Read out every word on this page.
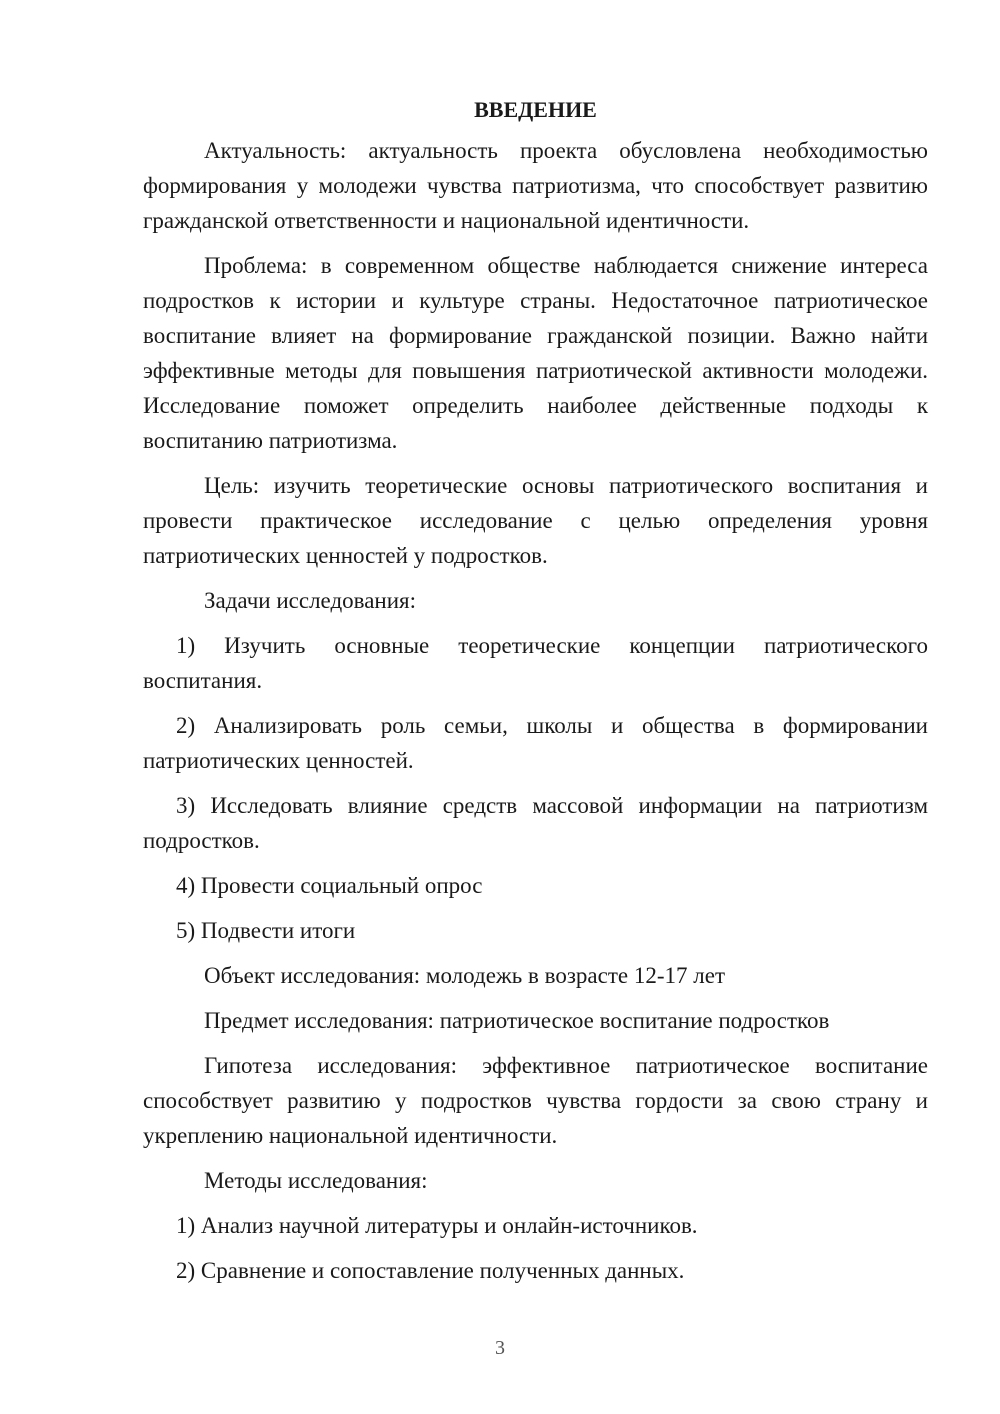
ВВЕДЕНИЕ

Актуальность: актуальность проекта обусловлена необходимостью формирования у молодежи чувства патриотизма, что способствует развитию гражданской ответственности и национальной идентичности.

Проблема: в современном обществе наблюдается снижение интереса подростков к истории и культуре страны. Недостаточное патриотическое воспитание влияет на формирование гражданской позиции. Важно найти эффективные методы для повышения патриотической активности молодежи. Исследование поможет определить наиболее действенные подходы к воспитанию патриотизма.

Цель: изучить теоретические основы патриотического воспитания и провести практическое исследование с целью определения уровня патриотических ценностей у подростков.

Задачи исследования:

1) Изучить основные теоретические концепции патриотического воспитания.

2) Анализировать роль семьи, школы и общества в формировании патриотических ценностей.

3) Исследовать влияние средств массовой информации на патриотизм подростков.

4) Провести социальный опрос

5) Подвести итоги

Объект исследования: молодежь в возрасте 12-17 лет

Предмет исследования: патриотическое воспитание подростков

Гипотеза исследования: эффективное патриотическое воспитание способствует развитию у подростков чувства гордости за свою страну и укреплению национальной идентичности.

Методы исследования:

1) Анализ научной литературы и онлайн-источников.

2) Сравнение и сопоставление полученных данных.

3
